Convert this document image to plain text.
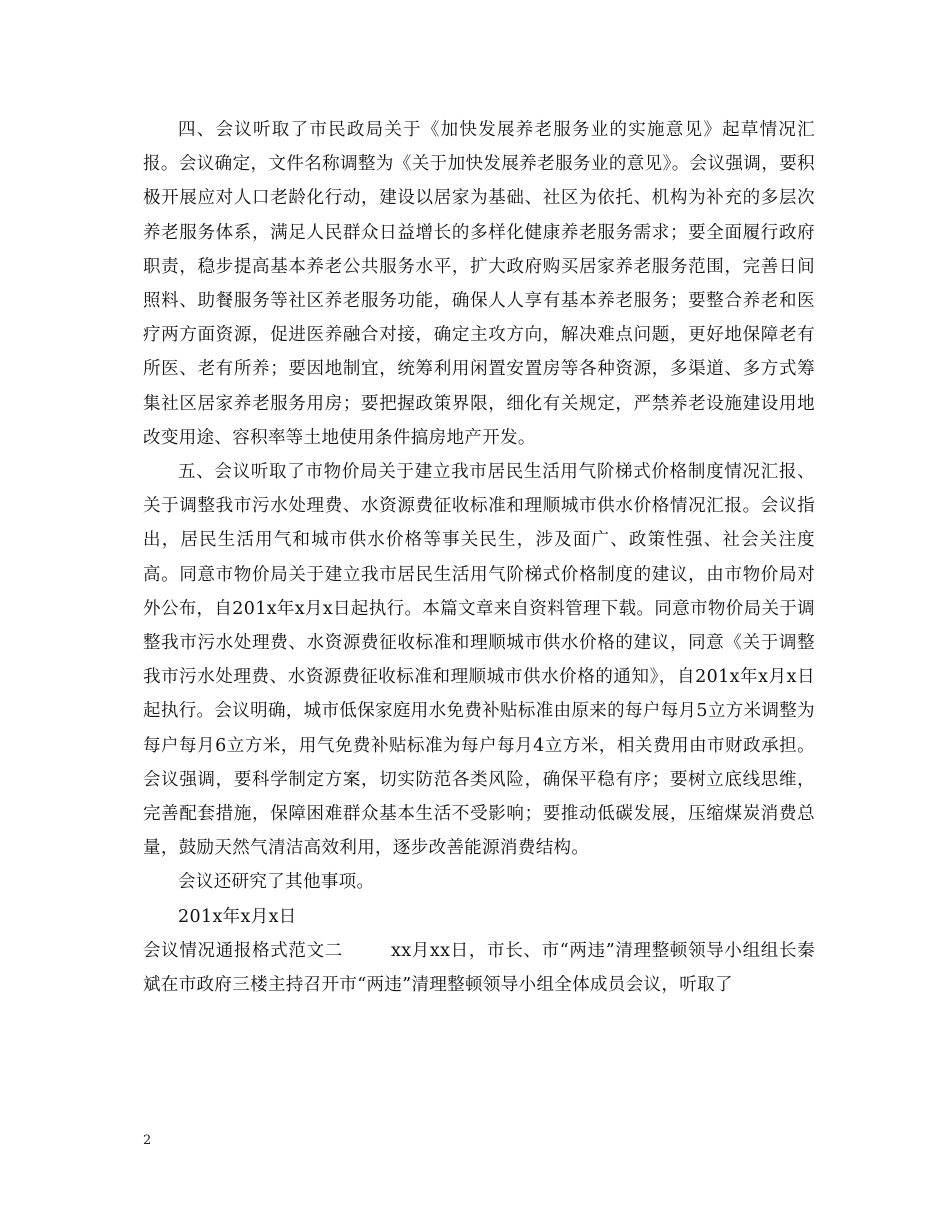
四、会议听取了市民政局关于《加快发展养老服务业的实施意见》起草情况汇报。会议确定，文件名称调整为《关于加快发展养老服务业的意见》。会议强调，要积极开展应对人口老龄化行动，建设以居家为基础、社区为依托、机构为补充的多层次养老服务体系，满足人民群众日益增长的多样化健康养老服务需求；要全面履行政府职责，稳步提高基本养老公共服务水平，扩大政府购买居家养老服务范围，完善日间照料、助餐服务等社区养老服务功能，确保人人享有基本养老服务；要整合养老和医疗两方面资源，促进医养融合对接，确定主攻方向，解决难点问题，更好地保障老有所医、老有所养；要因地制宜，统筹利用闲置安置房等各种资源，多渠道、多方式筹集社区居家养老服务用房；要把握政策界限，细化有关规定，严禁养老设施建设用地改变用途、容积率等土地使用条件搞房地产开发。

五、会议听取了市物价局关于建立我市居民生活用气阶梯式价格制度情况汇报、关于调整我市污水处理费、水资源费征收标准和理顺城市供水价格情况汇报。会议指出，居民生活用气和城市供水价格等事关民生，涉及面广、政策性强、社会关注度高。同意市物价局关于建立我市居民生活用气阶梯式价格制度的建议，由市物价局对外公布，自201x年x月x日起执行。本篇文章来自资料管理下载。同意市物价局关于调整我市污水处理费、水资源费征收标准和理顺城市供水价格的建议，同意《关于调整我市污水处理费、水资源费征收标准和理顺城市供水价格的通知》，自201x年x月x日起执行。会议明确，城市低保家庭用水免费补贴标准由原来的每户每月5立方米调整为每户每月6立方米，用气免费补贴标准为每户每月4立方米，相关费用由市财政承担。会议强调，要科学制定方案，切实防范各类风险，确保平稳有序；要树立底线思维，完善配套措施，保障困难群众基本生活不受影响；要推动低碳发展，压缩煤炭消费总量，鼓励天然气清洁高效利用，逐步改善能源消费结构。

会议还研究了其他事项。

201x年x月x日

会议情况通报格式范文二	xx月xx日，市长、市“两违”清理整顿领导小组组长秦斌在市政府三楼主持召开市“两违”清理整顿领导小组全体成员会议，听取了

2
